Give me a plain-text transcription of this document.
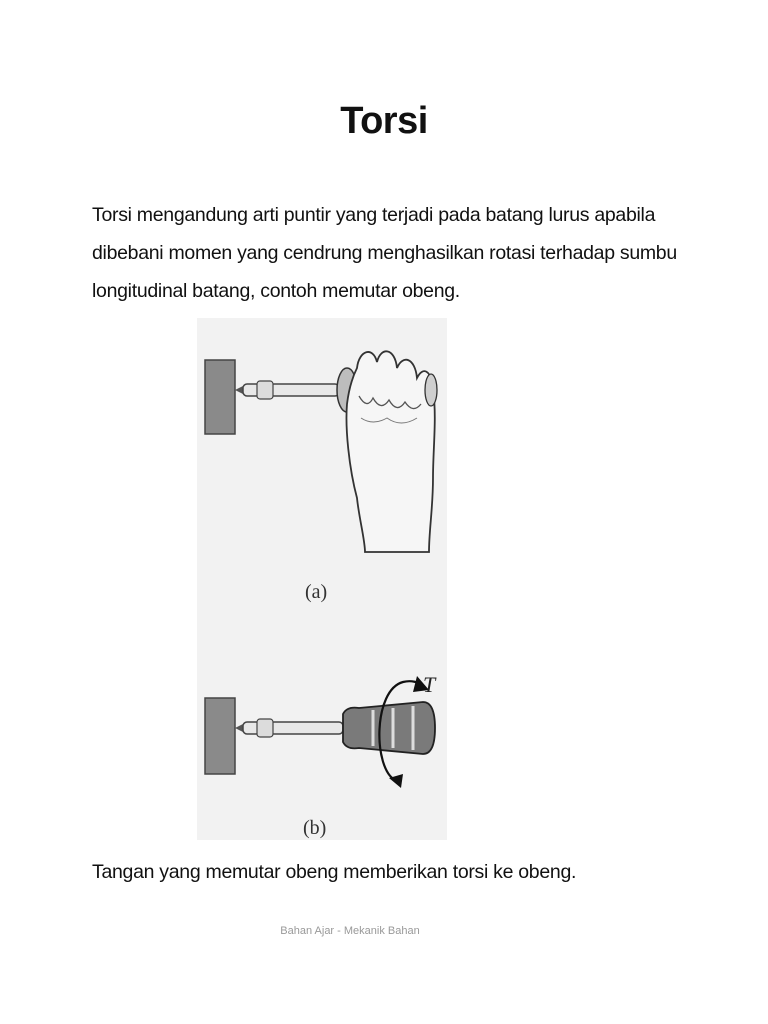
Torsi

Torsi mengandung arti puntir yang terjadi pada batang lurus apabila dibebani momen yang cendrung menghasilkan rotasi terhadap sumbu longitudinal batang, contoh memutar obeng.

(a)
T
(b)

Tangan yang memutar obeng memberikan torsi ke obeng.

Bahan Ajar - Mekanik Bahan
